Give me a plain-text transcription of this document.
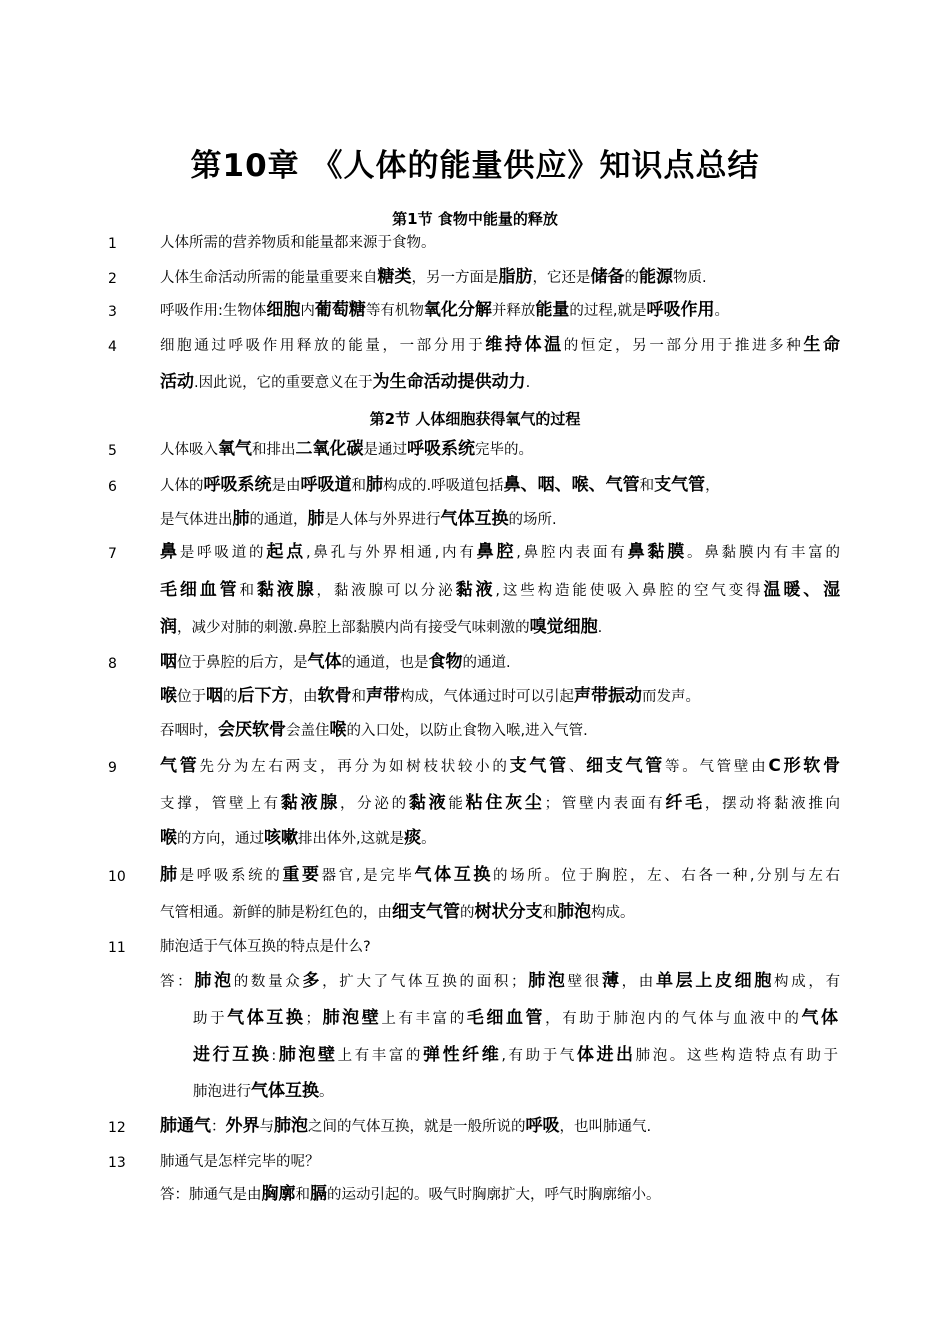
第10章 《人体的能量供应》知识点总结
第1节 食物中能量的释放
第2节 人体细胞获得氧气的过程
1
2
3
4
5
6
7
8
9
10
11
12
13
人体所需的营养物质和能量都来源于食物。
人体生命活动所需的能量重要来自糖类，另一方面是脂肪，它还是储备的能源物质.
呼吸作用:生物体细胞内葡萄糖等有机物氧化分解并释放能量的过程,就是呼吸作用。
细胞通过呼吸作用释放的能量，一部分用于维持体温的恒定，另一部分用于推进多种生命
活动.因此说，它的重要意义在于为生命活动提供动力.
人体吸入氧气和排出二氧化碳是通过呼吸系统完毕的。
人体的呼吸系统是由呼吸道和肺构成的.呼吸道包括鼻、咽、喉、气管和支气管，
是气体进出肺的通道，肺是人体与外界进行气体互换的场所.
鼻是呼吸道的起点,鼻孔与外界相通,内有鼻腔,鼻腔内表面有鼻黏膜。鼻黏膜内有丰富的
毛细血管和黏液腺，黏液腺可以分泌黏液,这些构造能使吸入鼻腔的空气变得温暖、湿
润，减少对肺的刺激.鼻腔上部黏膜内尚有接受气味刺激的嗅觉细胞.
咽位于鼻腔的后方，是气体的通道，也是食物的通道.
喉位于咽的后下方，由软骨和声带构成，气体通过时可以引起声带振动而发声。
吞咽时，会厌软骨会盖住喉的入口处，以防止食物入喉,进入气管.
气管先分为左右两支，再分为如树枝状较小的支气管、细支气管等。气管壁由C形软骨
支撑，管壁上有黏液腺，分泌的黏液能粘住灰尘；管壁内表面有纤毛，摆动将黏液推向
喉的方向，通过咳嗽排出体外,这就是痰。
肺是呼吸系统的重要器官,是完毕气体互换的场所。位于胸腔，左、右各一种,分别与左右
气管相通。新鲜的肺是粉红色的，由细支气管的树状分支和肺泡构成。
肺泡适于气体互换的特点是什么?
答：肺泡的数量众多，扩大了气体互换的面积；肺泡壁很薄，由单层上皮细胞构成，有
助于气体互换；肺泡壁上有丰富的毛细血管，有助于肺泡内的气体与血液中的气体
进行互换:肺泡壁上有丰富的弹性纤维,有助于气体进出肺泡。这些构造特点有助于
肺泡进行气体互换。
肺通气：外界与肺泡之间的气体互换，就是一般所说的呼吸，也叫肺通气.
肺通气是怎样完毕的呢？
答：肺通气是由胸廓和膈的运动引起的。吸气时胸廓扩大，呼气时胸廓缩小。
